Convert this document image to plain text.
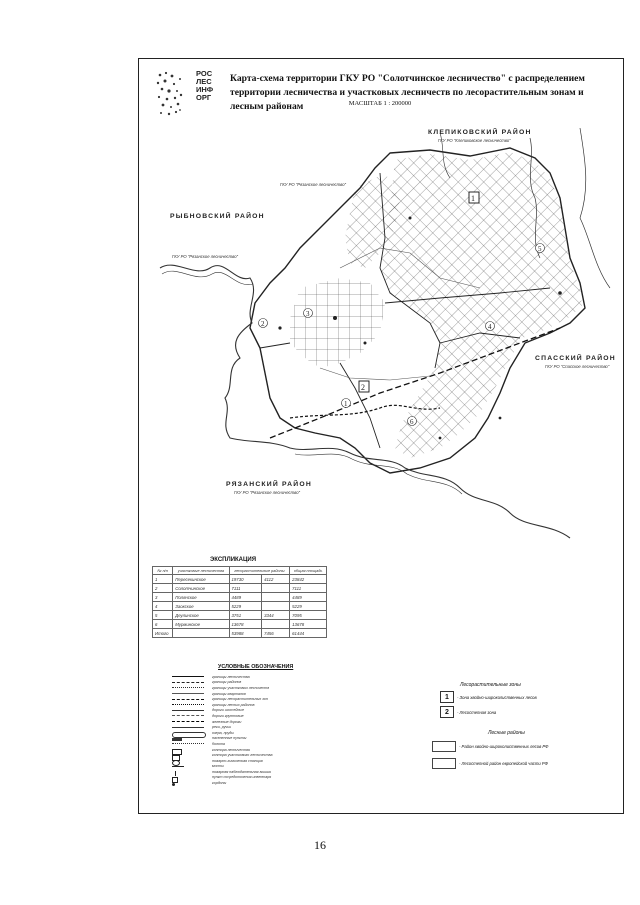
РОС
ЛЕС
ИНФ
ОРГ
Карта-схема территории ГКУ РО "Солотчинское лесничество" с распределением территории лесничества и участковых лесничеств по лесорастительным зонам и лесным районам	МАСШТАБ 1 : 200000
КЛЕПИКОВСКИЙ РАЙОН
ГКУ РО "Клепиковское лесничество"
РЫБНОВСКИЙ РАЙОН
ГКУ РО "Рязанское лесничество"
ГКУ РО "Рязанское лесничество"
СПАССКИЙ РАЙОН
ГКУ РО "Спасское лесничество"
РЯЗАНСКИЙ РАЙОН
ГКУ РО "Рязанское лесничество"
1
2
1
2
3
4
5
6
ЭКСПЛИКАЦИЯ
№ п/п	участковые лесничества	лесорастительные районы		общая площадь
1	Пересекинское	19730	4112	23842
2	Солотчинское	7111		7111
3	Полянское	4489		4489
4	Заокское	5229		5229
5	Деулинское	3751	3344	7095
6	Мурминское	13678		13678
Итого		53988	7456	61444
УСЛОВНЫЕ ОБОЗНАЧЕНИЯ
границы лесничества
границы районов
границы участковых лесничеств
границы кварталов
границы лесорастительных зон
границы лесных районов
дороги шоссейные
дороги грунтовые
железные дороги
реки, ручьи
озера, пруды
населенные пункты
болота
контора лесничества
контора участкового лесничества
пожарно-химическая станция
мосты
пожарная наблюдательная вышка
пункт сосредоточения инвентаря
кордоны
Лесорастительные зоны
1	- Зона хвойно-широколиственных лесов
2	- Лесостепная зона
Лесные районы
- Район хвойно-широколиственных лесов РФ
- Лесостепной район европейской части РФ
16
